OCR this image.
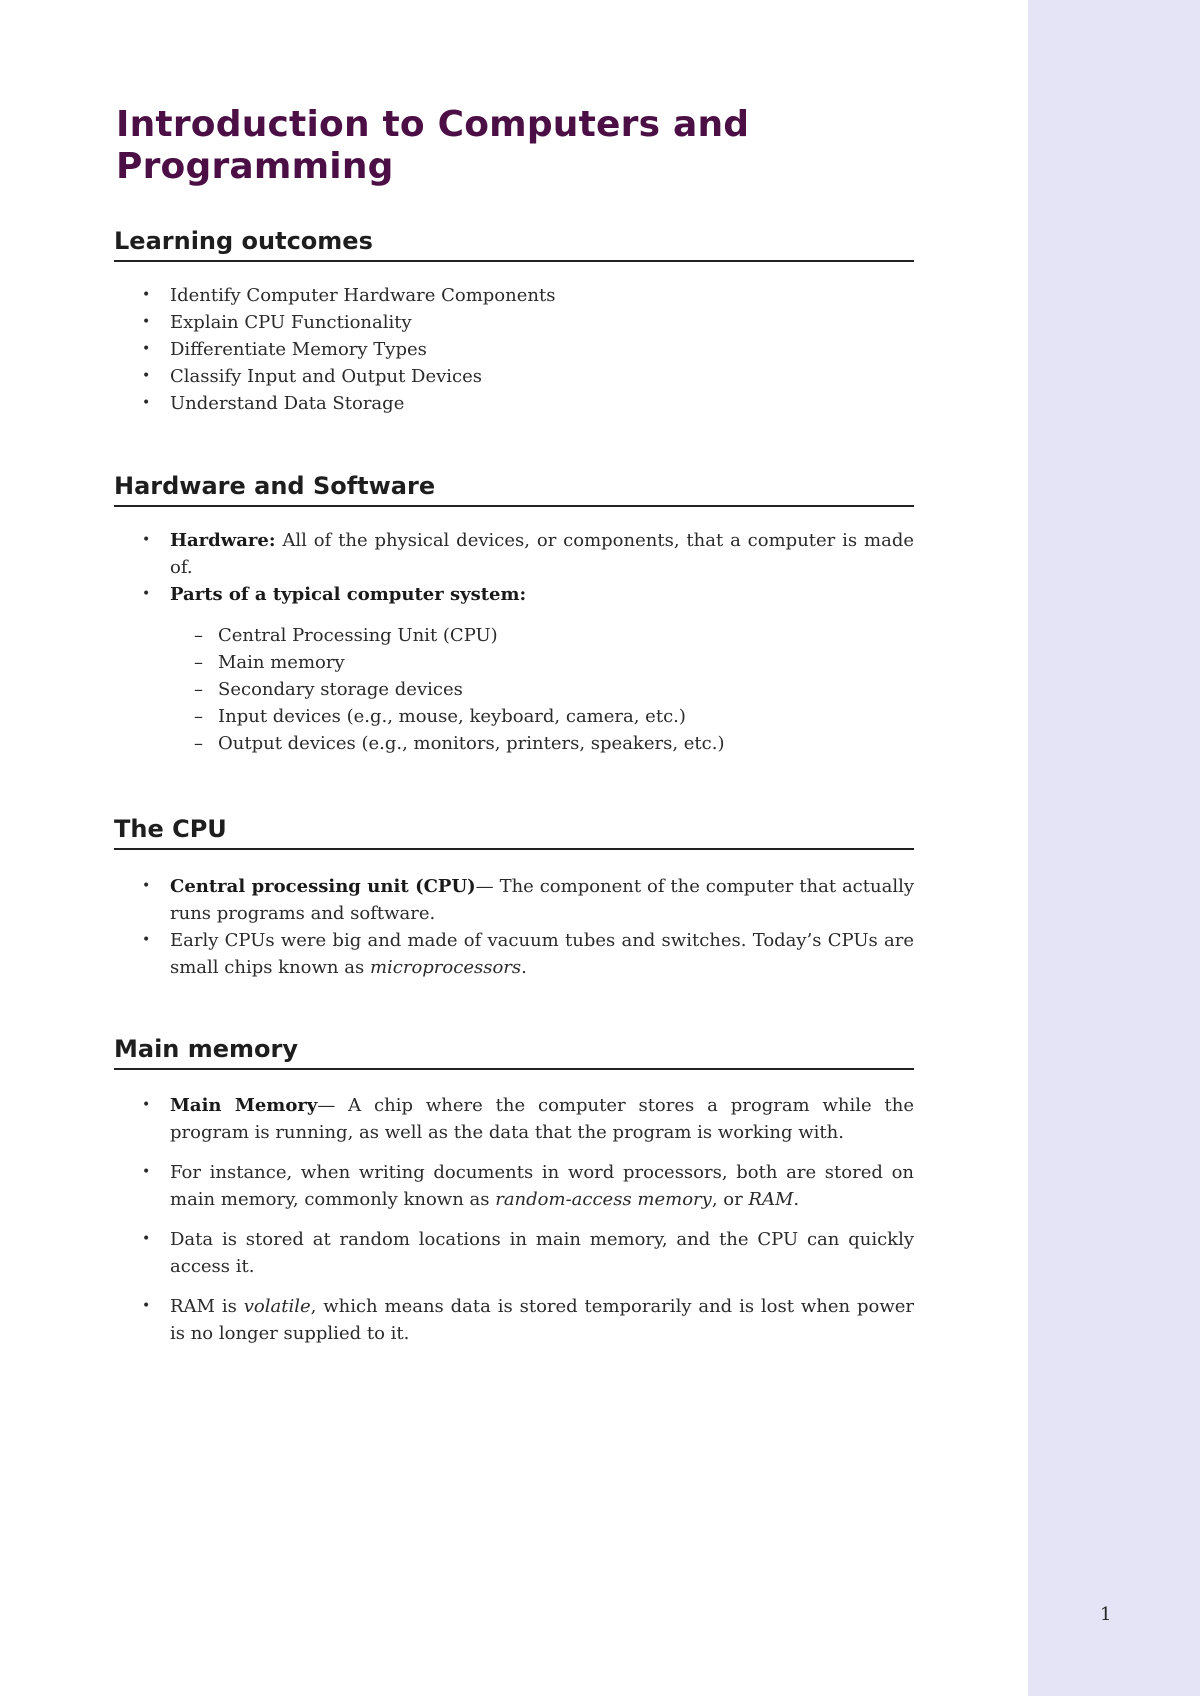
Introduction to Computers and Programming
Learning outcomes
• Identify Computer Hardware Components
• Explain CPU Functionality
• Differentiate Memory Types
• Classify Input and Output Devices
• Understand Data Storage
Hardware and Software
• Hardware: All of the physical devices, or components, that a computer is made of.
• Parts of a typical computer system:
– Central Processing Unit (CPU)
– Main memory
– Secondary storage devices
– Input devices (e.g., mouse, keyboard, camera, etc.)
– Output devices (e.g., monitors, printers, speakers, etc.)
The CPU
• Central processing unit (CPU)— The component of the computer that actually runs programs and software.
• Early CPUs were big and made of vacuum tubes and switches. Today’s CPUs are small chips known as microprocessors.
Main memory
• Main Memory— A chip where the computer stores a program while the program is running, as well as the data that the program is working with.
• For instance, when writing documents in word processors, both are stored on main memory, commonly known as random-access memory, or RAM.
• Data is stored at random locations in main memory, and the CPU can quickly access it.
• RAM is volatile, which means data is stored temporarily and is lost when power is no longer supplied to it.
1
